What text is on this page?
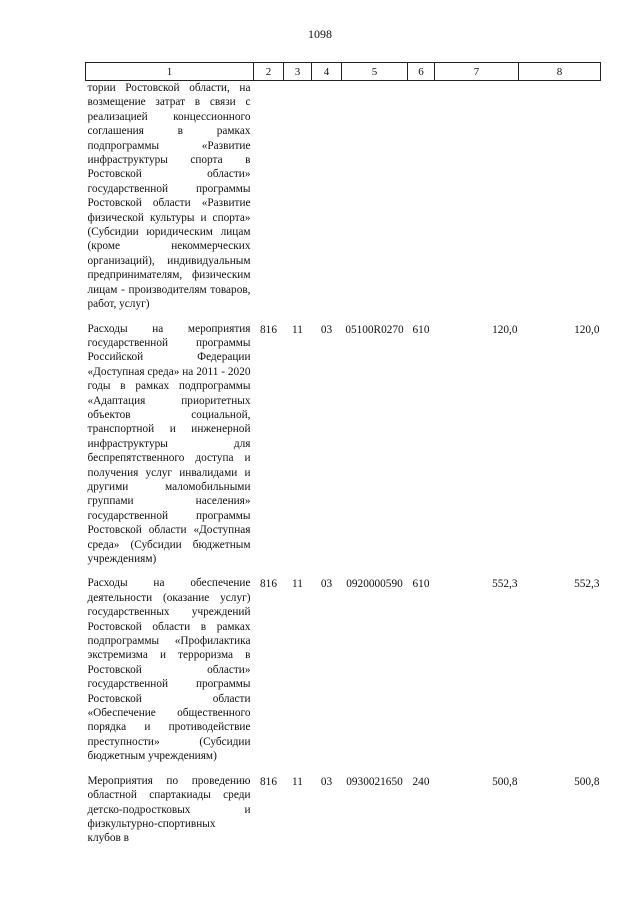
1098
1	2	3	4	5	6	7	8
тории Ростовской области, на возмещение затрат в связи с реализацией концессионного соглашения в рамках подпрограммы «Развитие инфраструктуры спорта в Ростовской области» государственной программы Ростовской области «Развитие физической культуры и спорта» (Субсидии юридическим лицам (кроме некоммерческих организаций), индивидуальным предпринимателям, физическим лицам - производителям товаров, работ, услуг)							

Расходы на мероприятия государственной программы Российской Федерации «Доступная среда» на 2011 - 2020 годы в рамках подпрограммы «Адаптация приоритетных объектов социальной, транспортной и инженерной инфраструктуры для беспрепятственного доступа и получения услуг инвалидами и другими маломобильными группами населения» государственной программы Ростовской области «Доступная среда» (Субсидии бюджетным учреждениям)	816	11	03	05100R0270	610	120,0	120,0

Расходы на обеспечение деятельности (оказание услуг) государственных учреждений Ростовской области в рамках подпрограммы «Профилактика экстремизма и терроризма в Ростовской области» государственной программы Ростовской области «Обеспечение общественного порядка и противодействие преступности» (Субсидии бюджетным учреждениям)	816	11	03	0920000590	610	552,3	552,3

Мероприятия по проведению областной спартакиады среди детско-подростковых и физкультурно-спортивных клубов в	816	11	03	0930021650	240	500,8	500,8
